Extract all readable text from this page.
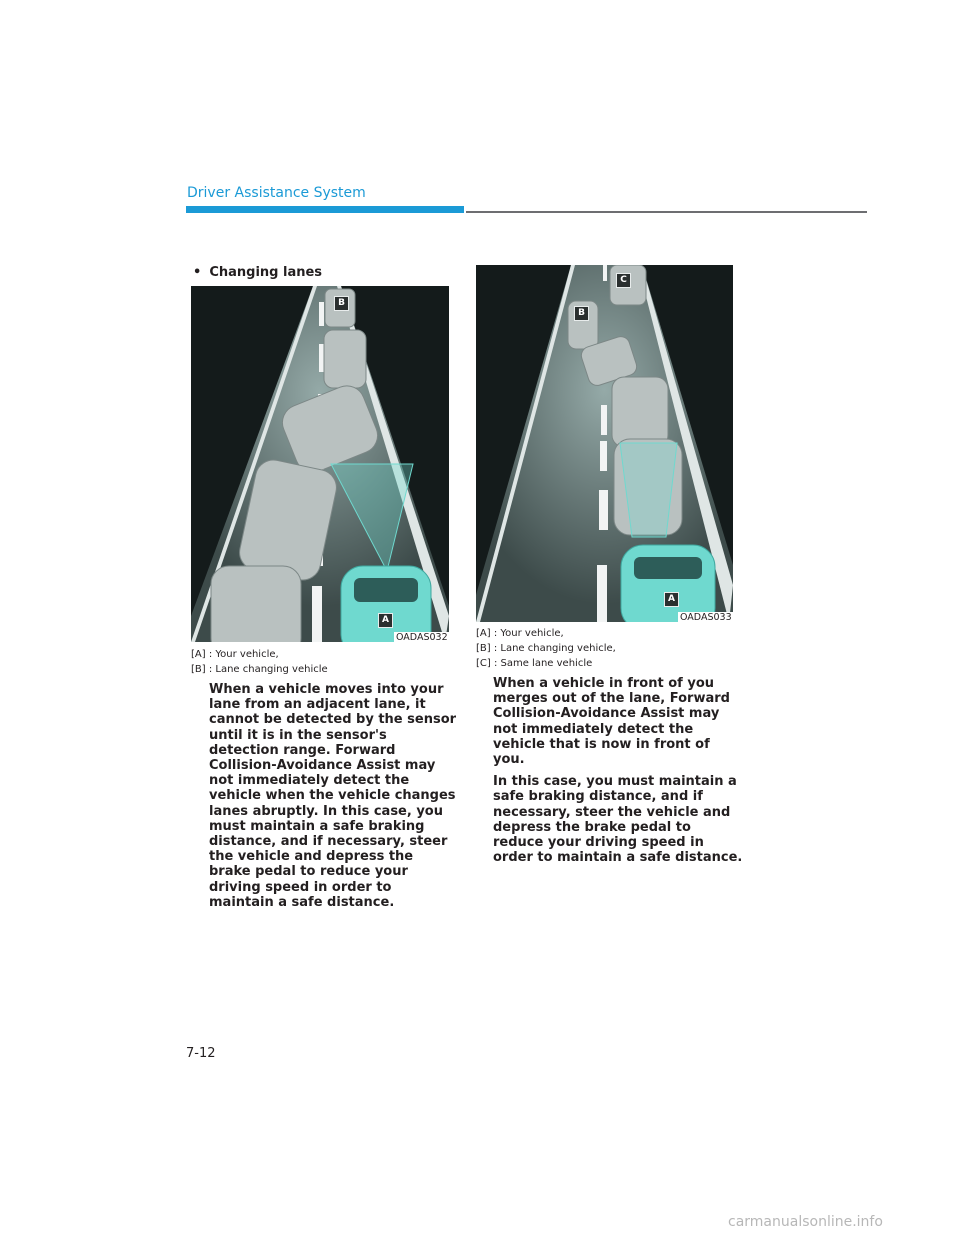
Driver Assistance System
• Changing lanes
B
A
OADAS032
[A] : Your vehicle,
[B] : Lane changing vehicle

When a vehicle moves into your lane from an adjacent lane, it cannot be detected by the sensor until it is in the sensor's detection range. Forward Collision-Avoidance Assist may not immediately detect the vehicle when the vehicle changes lanes abruptly. In this case, you must maintain a safe braking distance, and if necessary, steer the vehicle and depress the brake pedal to reduce your driving speed in order to maintain a safe distance.

C
B
A
OADAS033
[A] : Your vehicle,
[B] : Lane changing vehicle,
[C] : Same lane vehicle

When a vehicle in front of you merges out of the lane, Forward Collision-Avoidance Assist may not immediately detect the vehicle that is now in front of you.

In this case, you must maintain a safe braking distance, and if necessary, steer the vehicle and depress the brake pedal to reduce your driving speed in order to maintain a safe distance.

7-12
carmanualsonline.info
